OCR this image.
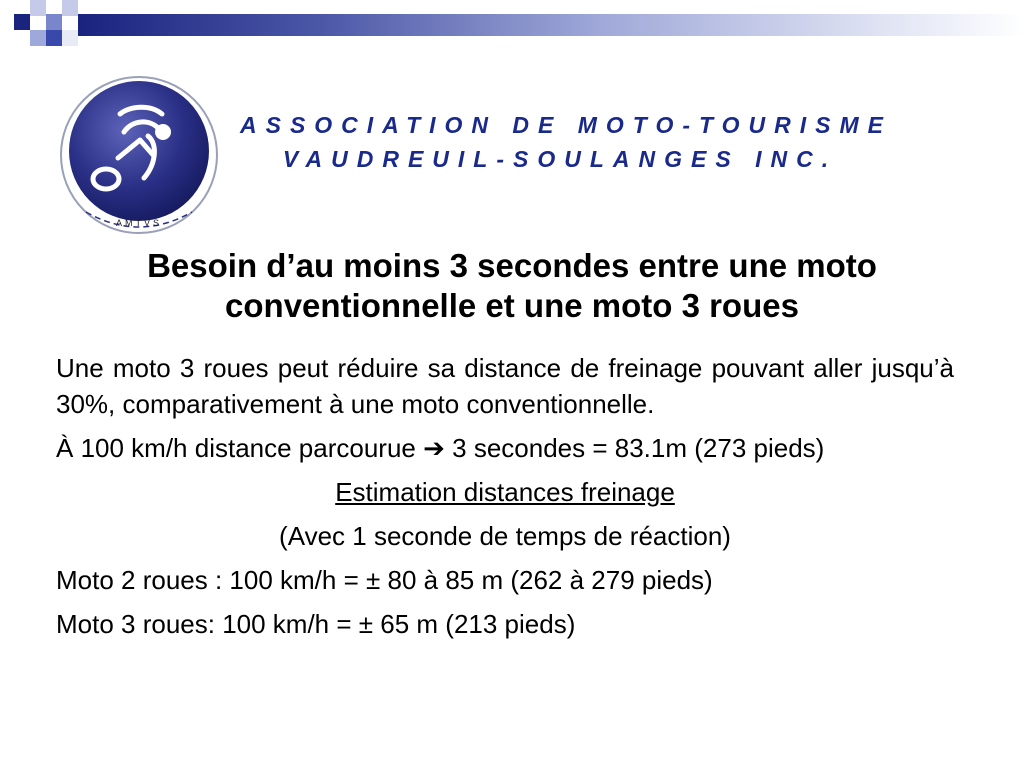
AMTVS
ASSOCIATION DE MOTO-TOURISME
VAUDREUIL-SOULANGES INC.
Besoin d’au moins 3 secondes entre une moto
conventionnelle et une moto 3 roues

Une moto 3 roues peut réduire sa distance de freinage pouvant aller jusqu’à 30%, comparativement à une moto conventionnelle.

À 100 km/h distance parcourue ➔ 3 secondes = 83.1m (273 pieds)

Estimation distances freinage

(Avec 1 seconde de temps de réaction)

Moto 2 roues : 100 km/h = ± 80 à 85 m (262 à 279 pieds)

Moto 3 roues: 100 km/h = ± 65 m (213 pieds)
